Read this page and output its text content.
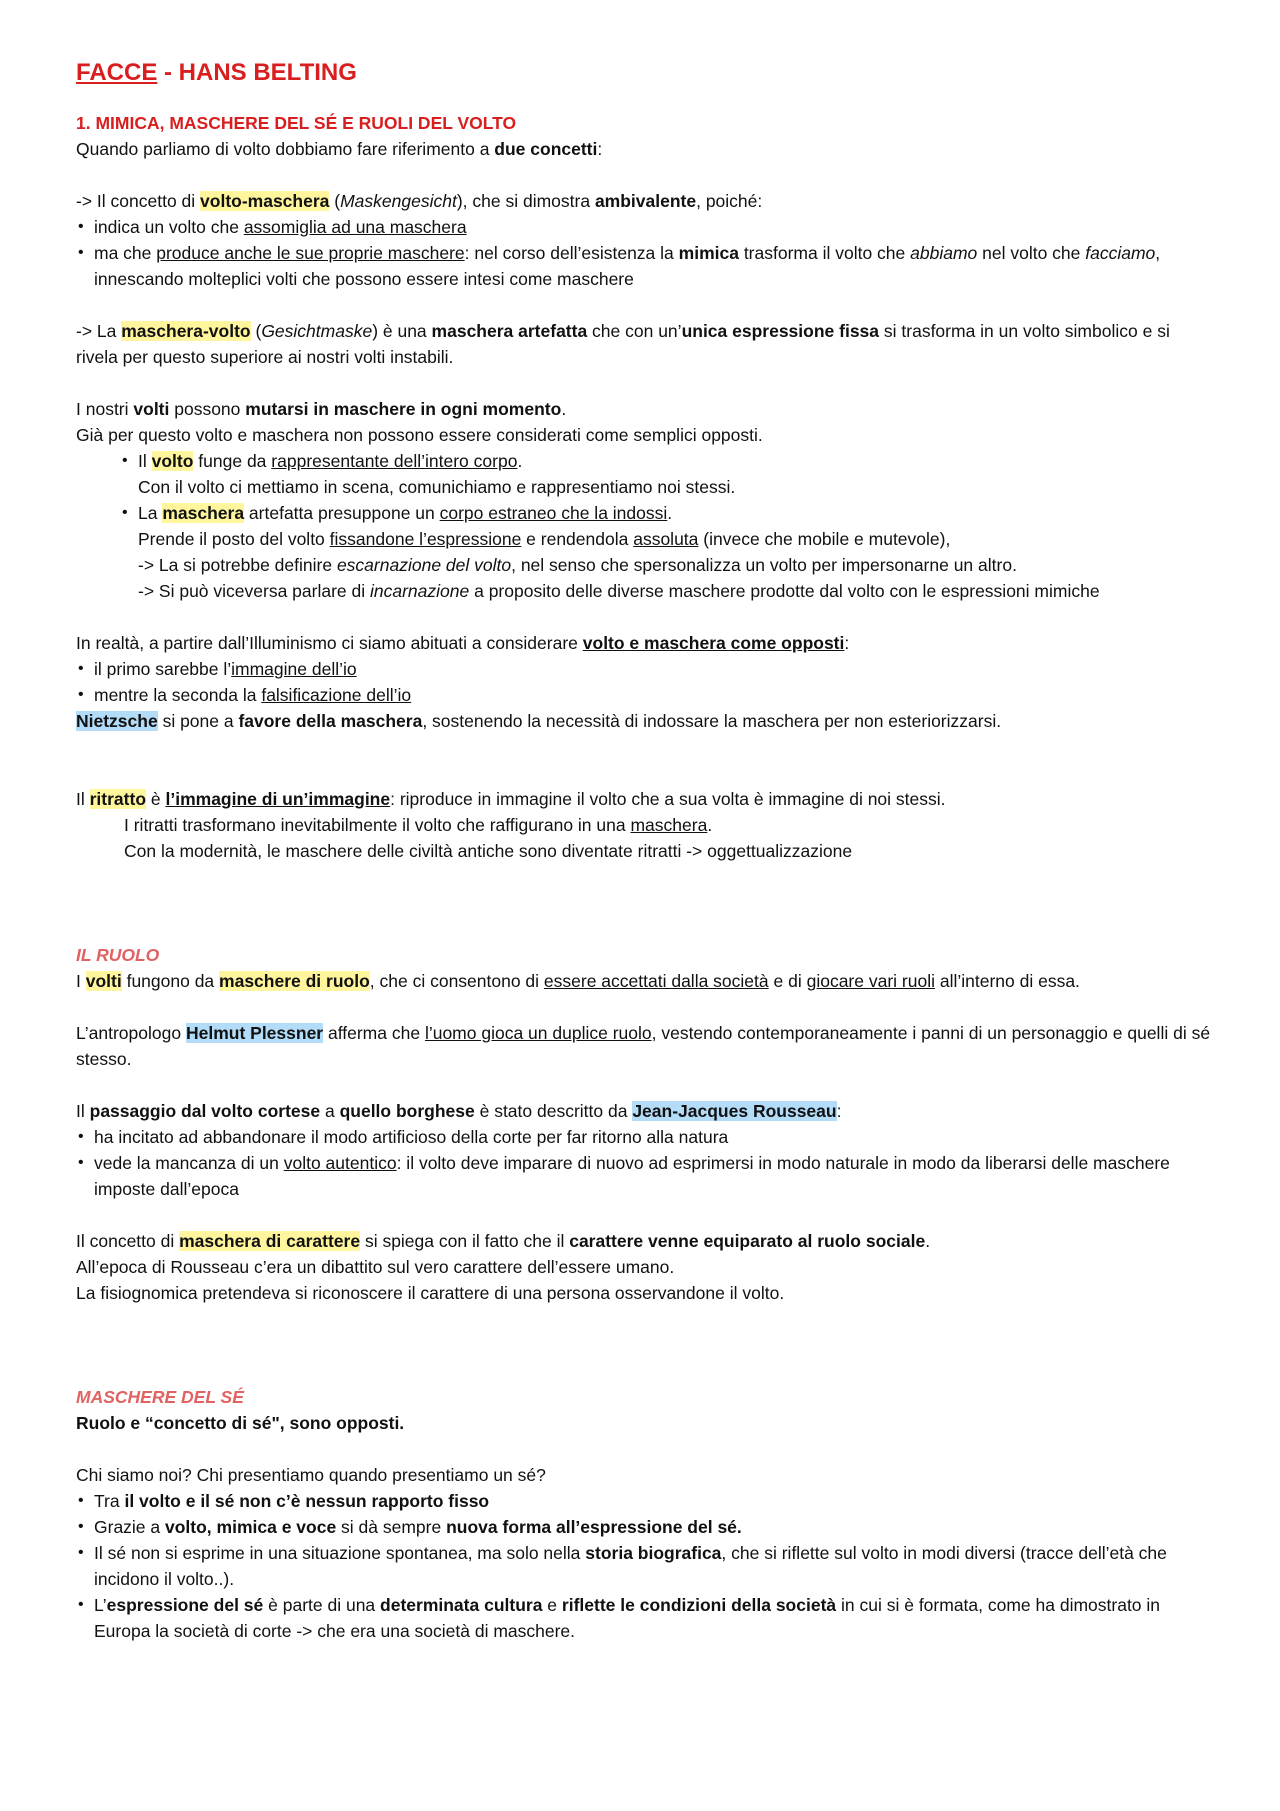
FACCE - HANS BELTING

1. MIMICA, MASCHERE DEL SÉ E RUOLI DEL VOLTO

Quando parliamo di volto dobbiamo fare riferimento a due concetti:

-> Il concetto di volto-maschera (Maskengesicht), che si dimostra ambivalente, poiché:

• indica un volto che assomiglia ad una maschera
• ma che produce anche le sue proprie maschere: nel corso dell’esistenza la mimica trasforma il volto che abbiamo nel volto che facciamo, innescando molteplici volti che possono essere intesi come maschere

-> La maschera-volto (Gesichtmaske) è una maschera artefatta che con un’unica espressione fissa si trasforma in un volto simbolico e si rivela per questo superiore ai nostri volti instabili.

I nostri volti possono mutarsi in maschere in ogni momento.

Già per questo volto e maschera non possono essere considerati come semplici opposti.

• Il volto funge da rappresentante dell’intero corpo.
Con il volto ci mettiamo in scena, comunichiamo e rappresentiamo noi stessi.
• La maschera artefatta presuppone un corpo estraneo che la indossi.
Prende il posto del volto fissandone l’espressione e rendendola assoluta (invece che mobile e mutevole),
-> La si potrebbe definire escarnazione del volto, nel senso che spersonalizza un volto per impersonarne un altro.
-> Si può viceversa parlare di incarnazione a proposito delle diverse maschere prodotte dal volto con le espressioni mimiche

In realtà, a partire dall’Illuminismo ci siamo abituati a considerare volto e maschera come opposti:

• il primo sarebbe l’immagine dell’io
• mentre la seconda la falsificazione dell’io

Nietzsche si pone a favore della maschera, sostenendo la necessità di indossare la maschera per non esteriorizzarsi.

Il ritratto è l’immagine di un’immagine: riproduce in immagine il volto che a sua volta è immagine di noi stessi.

I ritratti trasformano inevitabilmente il volto che raffigurano in una maschera.

Con la modernità, le maschere delle civiltà antiche sono diventate ritratti -> oggettualizzazione

IL RUOLO

I volti fungono da maschere di ruolo, che ci consentono di essere accettati dalla società e di giocare vari ruoli all’interno di essa.

L’antropologo Helmut Plessner afferma che l’uomo gioca un duplice ruolo, vestendo contemporaneamente i panni di un personaggio e quelli di sé stesso.

Il passaggio dal volto cortese a quello borghese è stato descritto da Jean-Jacques Rousseau:

• ha incitato ad abbandonare il modo artificioso della corte per far ritorno alla natura
• vede la mancanza di un volto autentico: il volto deve imparare di nuovo ad esprimersi in modo naturale in modo da liberarsi delle maschere imposte dall’epoca

Il concetto di maschera di carattere si spiega con il fatto che il carattere venne equiparato al ruolo sociale.

All’epoca di Rousseau c’era un dibattito sul vero carattere dell’essere umano.

La fisiognomica pretendeva si riconoscere il carattere di una persona osservandone il volto.

MASCHERE DEL SÉ

Ruolo e “concetto di sé", sono opposti.

Chi siamo noi? Chi presentiamo quando presentiamo un sé?

• Tra il volto e il sé non c’è nessun rapporto fisso
• Grazie a volto, mimica e voce si dà sempre nuova forma all’espressione del sé.
• Il sé non si esprime in una situazione spontanea, ma solo nella storia biografica, che si riflette sul volto in modi diversi (tracce dell’età che incidono il volto..).
• L’espressione del sé è parte di una determinata cultura e riflette le condizioni della società in cui si è formata, come ha dimostrato in Europa la società di corte -> che era una società di maschere.
